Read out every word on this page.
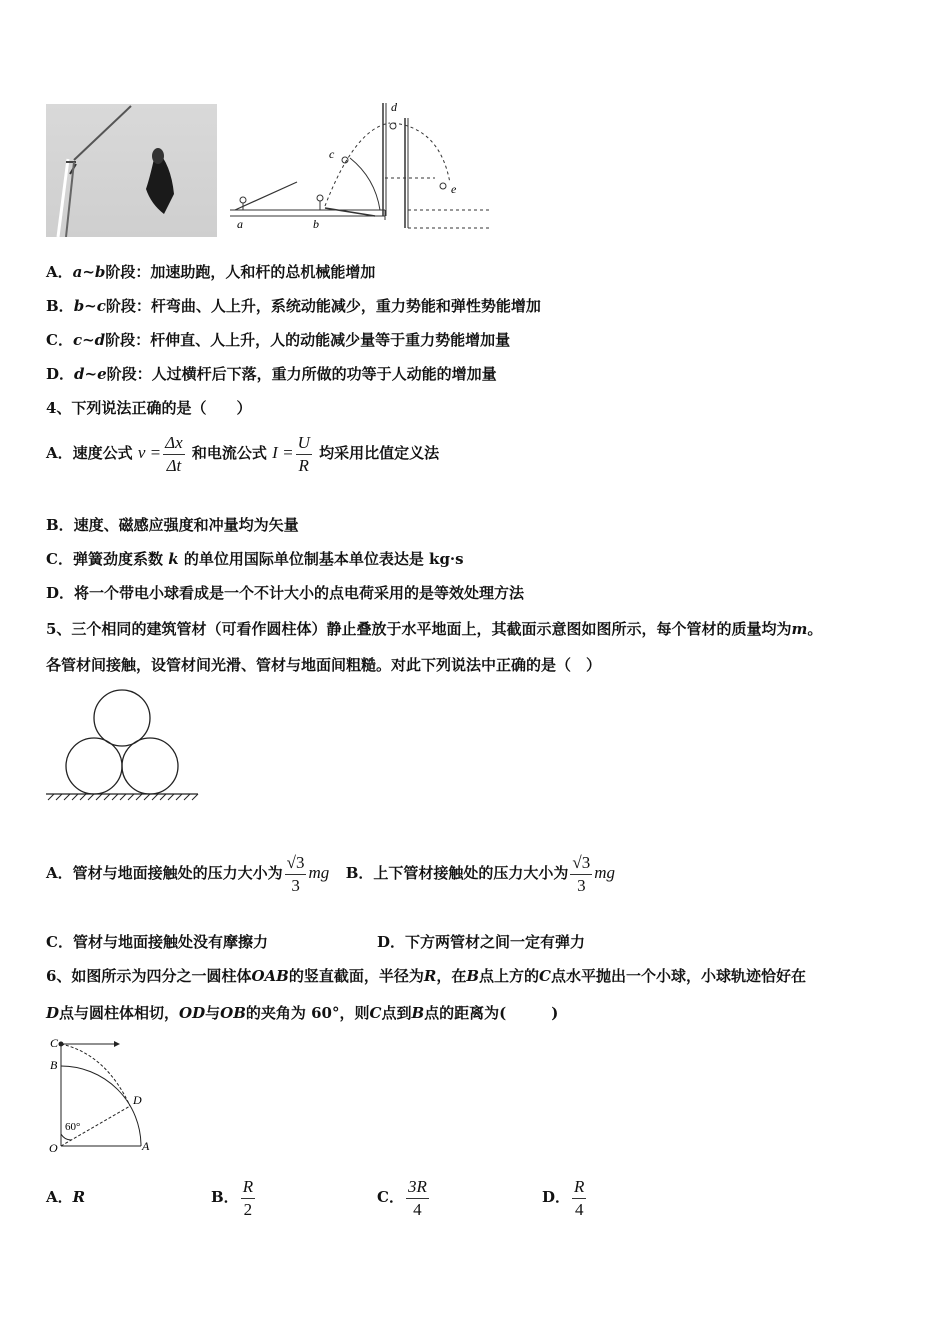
a	b
c
d
e
A．a~b阶段：加速助跑，人和杆的总机械能增加
B．b~c阶段：杆弯曲、人上升，系统动能减少，重力势能和弹性势能增加
C．c~d阶段：杆伸直、人上升，人的动能减少量等于重力势能增加量
D．d~e阶段：人过横杆后下落，重力所做的功等于人动能的增加量
4、下列说法正确的是（　　）
A．速度公式 $v = \frac{\Delta x}{\Delta t}$ 和电流公式 $I = \frac{U}{R}$ 均采用比值定义法
B．速度、磁感应强度和冲量均为矢量
C．弹簧劲度系数 k 的单位用国际单位制基本单位表达是 kg·s
D．将一个带电小球看成是一个不计大小的点电荷采用的是等效处理方法
5、三个相同的建筑管材（可看作圆柱体）静止叠放于水平地面上，其截面示意图如图所示，每个管材的质量均为m。
各管材间接触，设管材间光滑、管材与地面间粗糙。对此下列说法中正确的是（　）
A．管材与地面接触处的压力大小为 $\frac{√3}{3}$ mg B．上下管材接触处的压力大小为 $\frac{√3}{3}$ mg
C．管材与地面接触处没有摩擦力	D．下方两管材之间一定有弹力
6、如图所示为四分之一圆柱体OAB的竖直截面，半径为R，在B点上方的C点水平抛出一个小球，小球轨迹恰好在
D点与圆柱体相切，OD与OB的夹角为 60°，则C点到B点的距离为(　　　)
C
B
D
O	A
60°
A．R	B． $\frac{R}{2}$	C． $\frac{3R}{4}$	D． $\frac{R}{4}$
